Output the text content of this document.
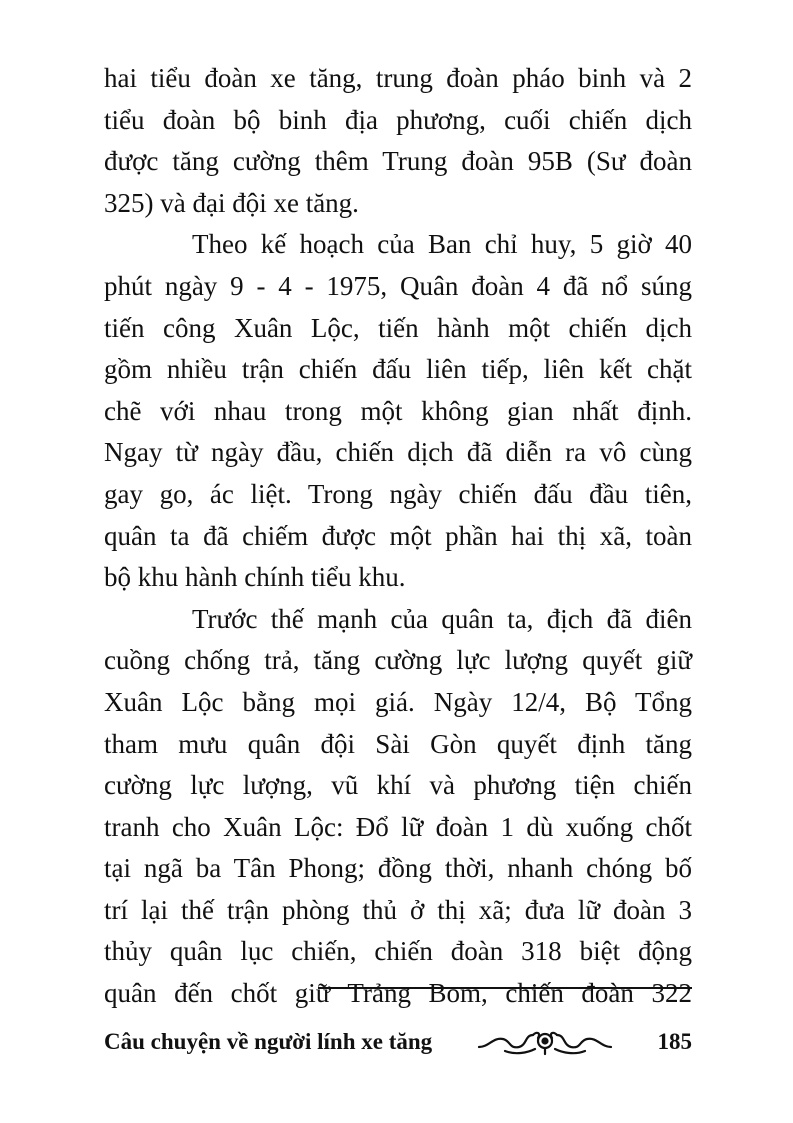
hai tiểu đoàn xe tăng, trung đoàn pháo binh và 2
tiểu đoàn bộ binh địa phương, cuối chiến dịch
được tăng cường thêm Trung đoàn 95B (Sư đoàn
325) và đại đội xe tăng.
Theo kế hoạch của Ban chỉ huy, 5 giờ 40
phút ngày 9 - 4 - 1975, Quân đoàn 4 đã nổ súng
tiến công Xuân Lộc, tiến hành một chiến dịch
gồm nhiều trận chiến đấu liên tiếp, liên kết chặt
chẽ với nhau trong một không gian nhất định.
Ngay từ ngày đầu, chiến dịch đã diễn ra vô cùng
gay go, ác liệt. Trong ngày chiến đấu đầu tiên,
quân ta đã chiếm được một phần hai thị xã, toàn
bộ khu hành chính tiểu khu.
Trước thế mạnh của quân ta, địch đã điên
cuồng chống trả, tăng cường lực lượng quyết giữ
Xuân Lộc bằng mọi giá. Ngày 12/4, Bộ Tổng
tham mưu quân đội Sài Gòn quyết định tăng
cường lực lượng, vũ khí và phương tiện chiến
tranh cho Xuân Lộc: Đổ lữ đoàn 1 dù xuống chốt
tại ngã ba Tân Phong; đồng thời, nhanh chóng bố
trí lại thế trận phòng thủ ở thị xã; đưa lữ đoàn 3
thủy quân lục chiến, chiến đoàn 318 biệt động
quân đến chốt giữ Trảng Bom, chiến đoàn 322
Câu chuyện về người lính xe tăng	185
